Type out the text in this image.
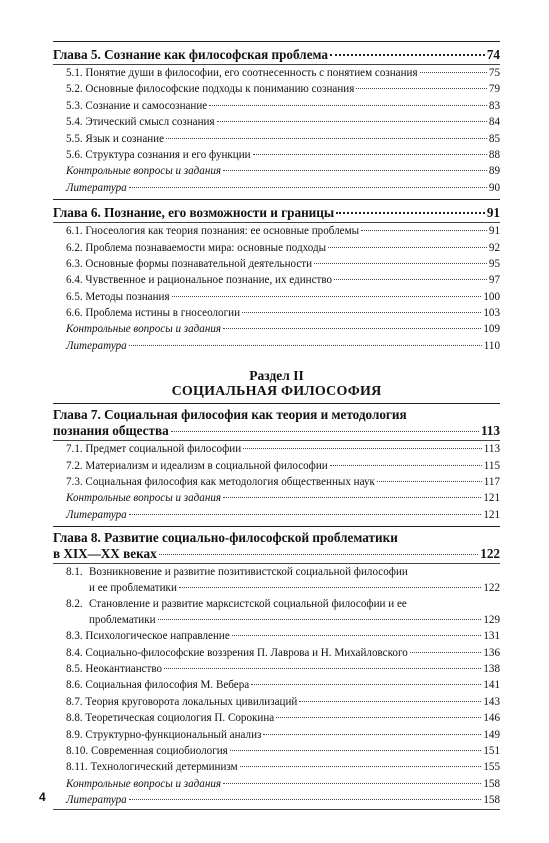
Глава 5. Сознание как философская проблема	74
5.1. Понятие души в философии, его соотнесенность с понятием сознания	75
5.2. Основные философские подходы к пониманию сознания	79
5.3. Сознание и самосознание	83
5.4. Этический смысл сознания	84
5.5. Язык и сознание	85
5.6. Структура сознания и его функции	88
Контрольные вопросы и задания	89
Литература	90
Глава 6. Познание, его возможности и границы	91
6.1. Гносеология как теория познания: ее основные проблемы	91
6.2. Проблема познаваемости мира: основные подходы	92
6.3. Основные формы познавательной деятельности	95
6.4. Чувственное и рациональное познание, их единство	97
6.5. Методы познания	100
6.6. Проблема истины в гносеологии	103
Контрольные вопросы и задания	109
Литература	110
Раздел II
СОЦИАЛЬНАЯ ФИЛОСОФИЯ
Глава 7. Социальная философия как теория и методология
познания общества	113
7.1. Предмет социальной философии	113
7.2. Материализм и идеализм в социальной философии	115
7.3. Социальная философия как методология общественных наук	117
Контрольные вопросы и задания	121
Литература	121
Глава 8. Развитие социально-философской проблематики
в XIX—XX веках	122
8.1. Возникновение и развитие позитивистской социальной философии
и ее проблематики	122
8.2. Становление и развитие марксистской социальной философии и ее
проблематики	129
8.3. Психологическое направление	131
8.4. Социально-философские воззрения П. Лаврова и Н. Михайловского	136
8.5. Неокантианство	138
8.6. Социальная философия М. Вебера	141
8.7. Теория круговорота локальных цивилизаций	143
8.8. Теоретическая социология П. Сорокина	146
8.9. Структурно-функциональный анализ	149
8.10. Современная социобиология	151
8.11. Технологический детерминизм	155
Контрольные вопросы и задания	158
Литература	158
4
